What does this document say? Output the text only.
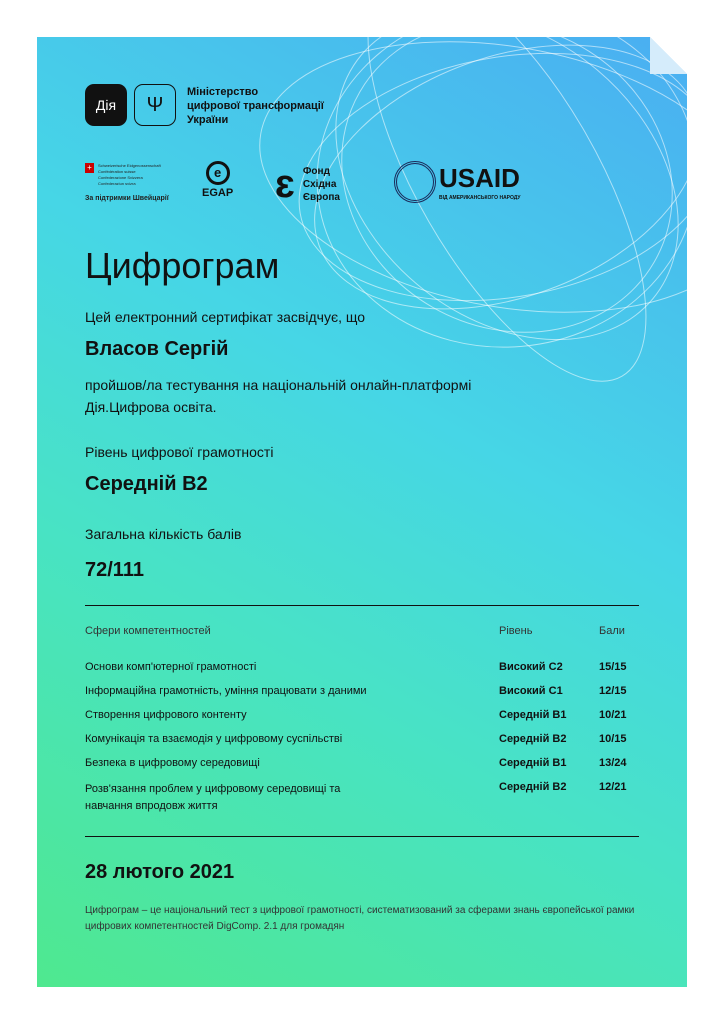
Дія	Ψ
Міністерство
цифрової трансформації
України
+	Schweizerische Eidgenossenschaft
Confédération suisse
Confederazione Svizzera
Confederaziun svizra
За підтримки Швейцарії
e
EGAP ɛ Фонд
Східна
Європа
USAID
ВІД АМЕРИКАНСЬКОГО НАРОДУ
Цифрограм
Цей електронний сертифікат засвідчує, що
Власов Сергій
пройшов/ла тестування на національній онлайн-платформі
Дія.Цифрова освіта.
Рівень цифрової грамотності
Середній B2
Загальна кількість балів
72/111
Сфери компетентностей	Рівень	Бали
Основи комп'ютерної грамотності	Високий C2	15/15
Інформаційна грамотність, уміння працювати з даними	Високий C1	12/15
Створення цифрового контенту	Середній B1	10/21
Комунікація та взаємодія у цифровому суспільстві	Середній B2	10/15
Безпека в цифровому середовищі	Середній B1	13/24
Розв'язання проблем у цифровому середовищі та навчання впродовж життя	Середній B2	12/21
28 лютого 2021
Цифрограм – це національний тест з цифрової грамотності, систематизований за сферами знань європейської рамки цифрових компетентностей DigComp. 2.1 для громадян
